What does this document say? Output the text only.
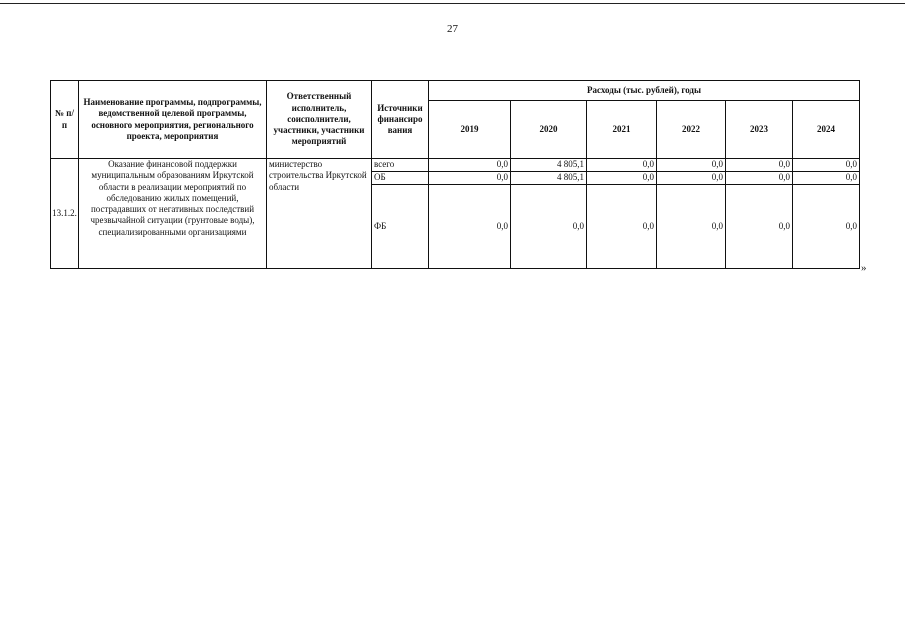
27
№ п/п	Наименование программы, подпрограммы, ведомственной целевой программы, основного мероприятия, регионального проекта, мероприятия	Ответственный исполнитель, соисполнители, участники, участники мероприятий	Источники финансиро вания	Расходы (тыс. рублей), годы					
				2019	2020	2021	2022	2023	2024
13.1.2.	Оказание финансовой поддержки муниципальным образованиям Иркутской области в реализации мероприятий по обследованию жилых помещений, пострадавших от негативных последствий чрезвычайной ситуации (грунтовые воды), специализированными организациями	министерство строительства Иркутской области	всего	0,0	4 805,1	0,0	0,0	0,0	0,0
			ОБ	0,0	4 805,1	0,0	0,0	0,0	0,0
			ФБ	0,0	0,0	0,0	0,0	0,0	0,0
»
